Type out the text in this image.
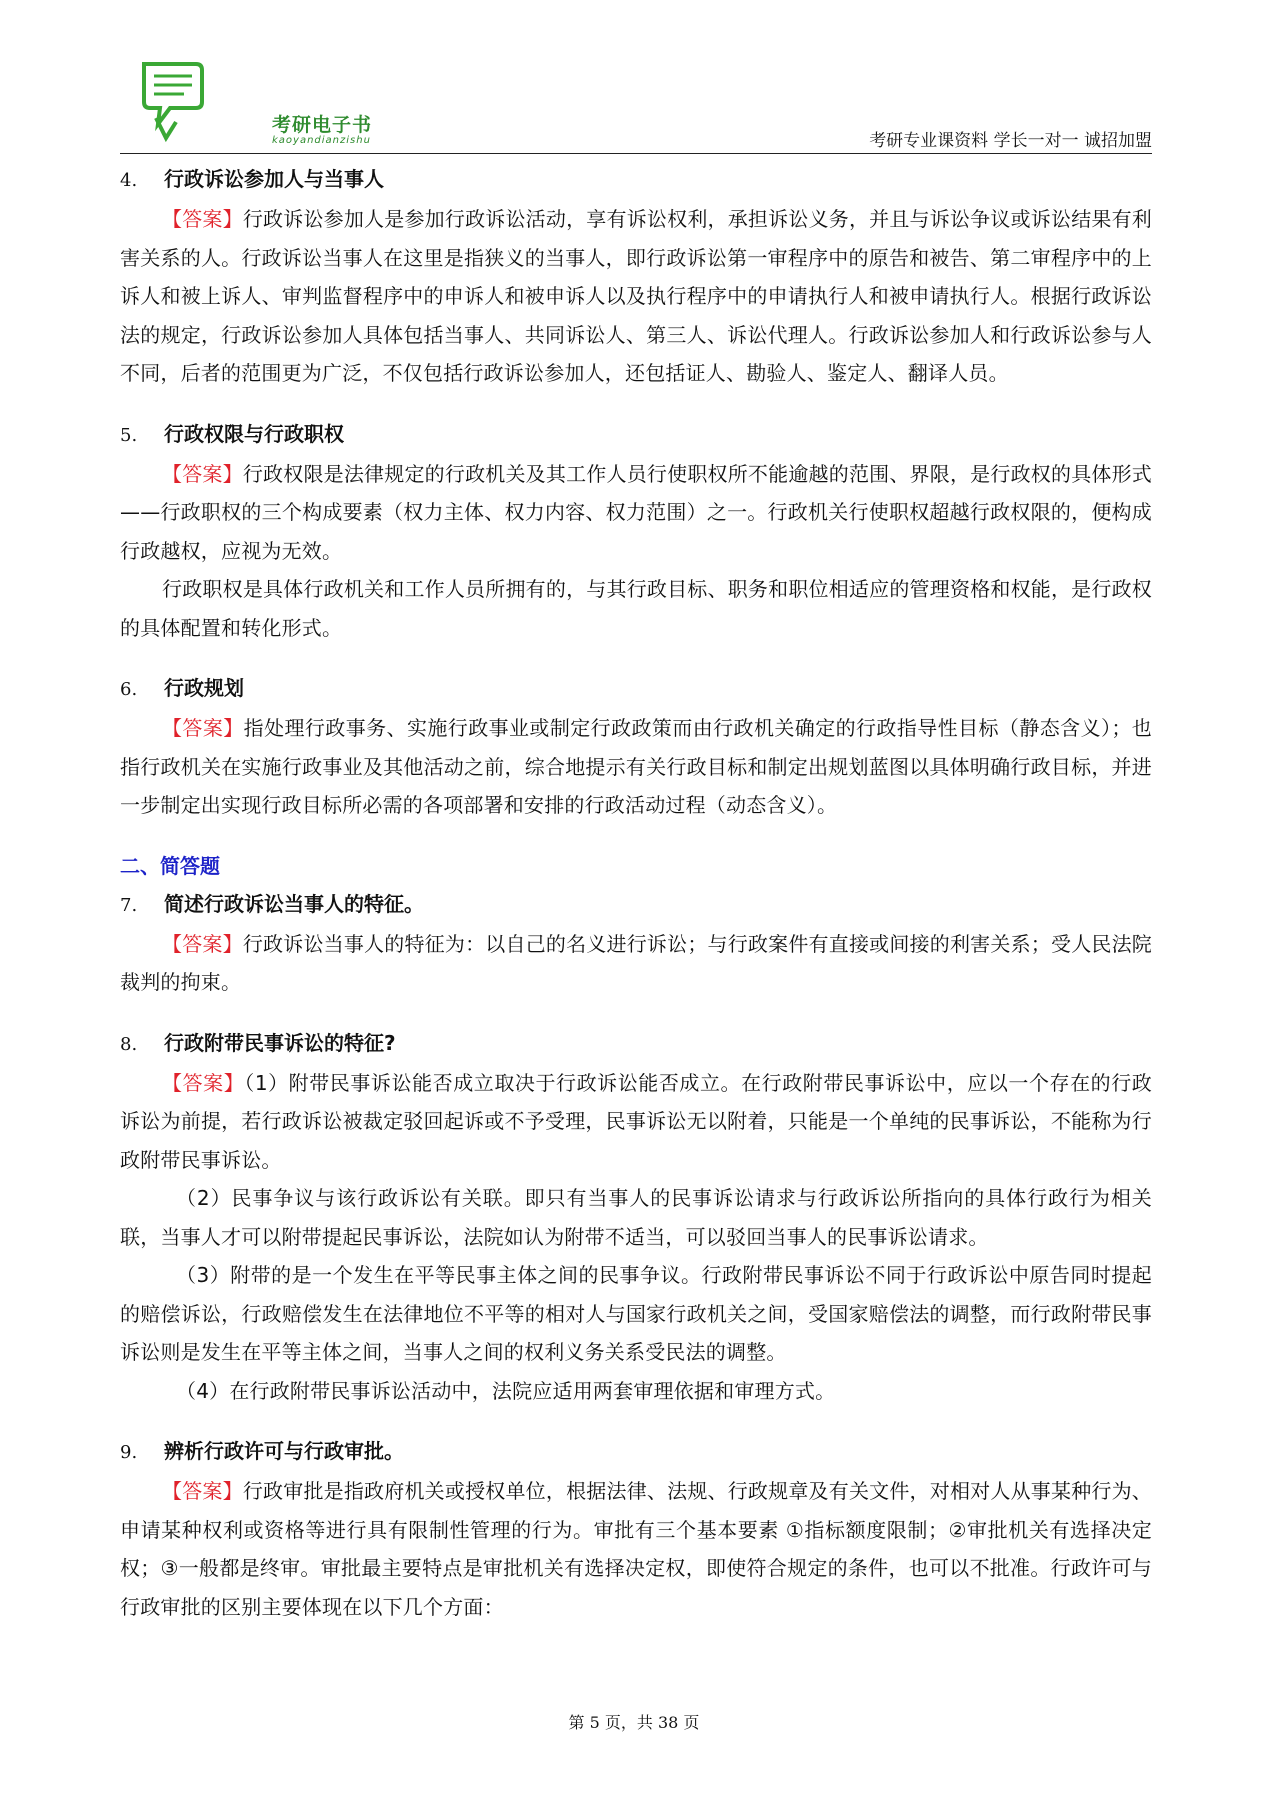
考研电子书
kaoyandianzishu	考研专业课资料 学长一对一 诚招加盟

4. 行政诉讼参加人与当事人

【答案】行政诉讼参加人是参加行政诉讼活动，享有诉讼权利，承担诉讼义务，并且与诉讼争议或诉讼结果有利害关系的人。行政诉讼当事人在这里是指狭义的当事人，即行政诉讼第一审程序中的原告和被告、第二审程序中的上诉人和被上诉人、审判监督程序中的申诉人和被申诉人以及执行程序中的申请执行人和被申请执行人。根据行政诉讼法的规定，行政诉讼参加人具体包括当事人、共同诉讼人、第三人、诉讼代理人。行政诉讼参加人和行政诉讼参与人不同，后者的范围更为广泛，不仅包括行政诉讼参加人，还包括证人、勘验人、鉴定人、翻译人员。

5. 行政权限与行政职权

【答案】行政权限是法律规定的行政机关及其工作人员行使职权所不能逾越的范围、界限，是行政权的具体形式——行政职权的三个构成要素（权力主体、权力内容、权力范围）之一。行政机关行使职权超越行政权限的，便构成行政越权，应视为无效。

行政职权是具体行政机关和工作人员所拥有的，与其行政目标、职务和职位相适应的管理资格和权能，是行政权的具体配置和转化形式。

6. 行政规划

【答案】指处理行政事务、实施行政事业或制定行政政策而由行政机关确定的行政指导性目标（静态含义）；也指行政机关在实施行政事业及其他活动之前，综合地提示有关行政目标和制定出规划蓝图以具体明确行政目标，并进一步制定出实现行政目标所必需的各项部署和安排的行政活动过程（动态含义）。

二、简答题

7. 简述行政诉讼当事人的特征。

【答案】行政诉讼当事人的特征为：以自己的名义进行诉讼；与行政案件有直接或间接的利害关系；受人民法院裁判的拘束。

8. 行政附带民事诉讼的特征?

【答案】（1）附带民事诉讼能否成立取决于行政诉讼能否成立。在行政附带民事诉讼中，应以一个存在的行政诉讼为前提，若行政诉讼被裁定驳回起诉或不予受理，民事诉讼无以附着，只能是一个单纯的民事诉讼，不能称为行政附带民事诉讼。

（2）民事争议与该行政诉讼有关联。即只有当事人的民事诉讼请求与行政诉讼所指向的具体行政行为相关联，当事人才可以附带提起民事诉讼，法院如认为附带不适当，可以驳回当事人的民事诉讼请求。

（3）附带的是一个发生在平等民事主体之间的民事争议。行政附带民事诉讼不同于行政诉讼中原告同时提起的赔偿诉讼，行政赔偿发生在法律地位不平等的相对人与国家行政机关之间，受国家赔偿法的调整，而行政附带民事诉讼则是发生在平等主体之间，当事人之间的权利义务关系受民法的调整。

（4）在行政附带民事诉讼活动中，法院应适用两套审理依据和审理方式。

9. 辨析行政许可与行政审批。

【答案】行政审批是指政府机关或授权单位，根据法律、法规、行政规章及有关文件，对相对人从事某种行为、申请某种权利或资格等进行具有限制性管理的行为。审批有三个基本要素 ①指标额度限制；②审批机关有选择决定权；③一般都是终审。审批最主要特点是审批机关有选择决定权，即使符合规定的条件，也可以不批准。行政许可与行政审批的区别主要体现在以下几个方面：

第 5 页，共 38 页
